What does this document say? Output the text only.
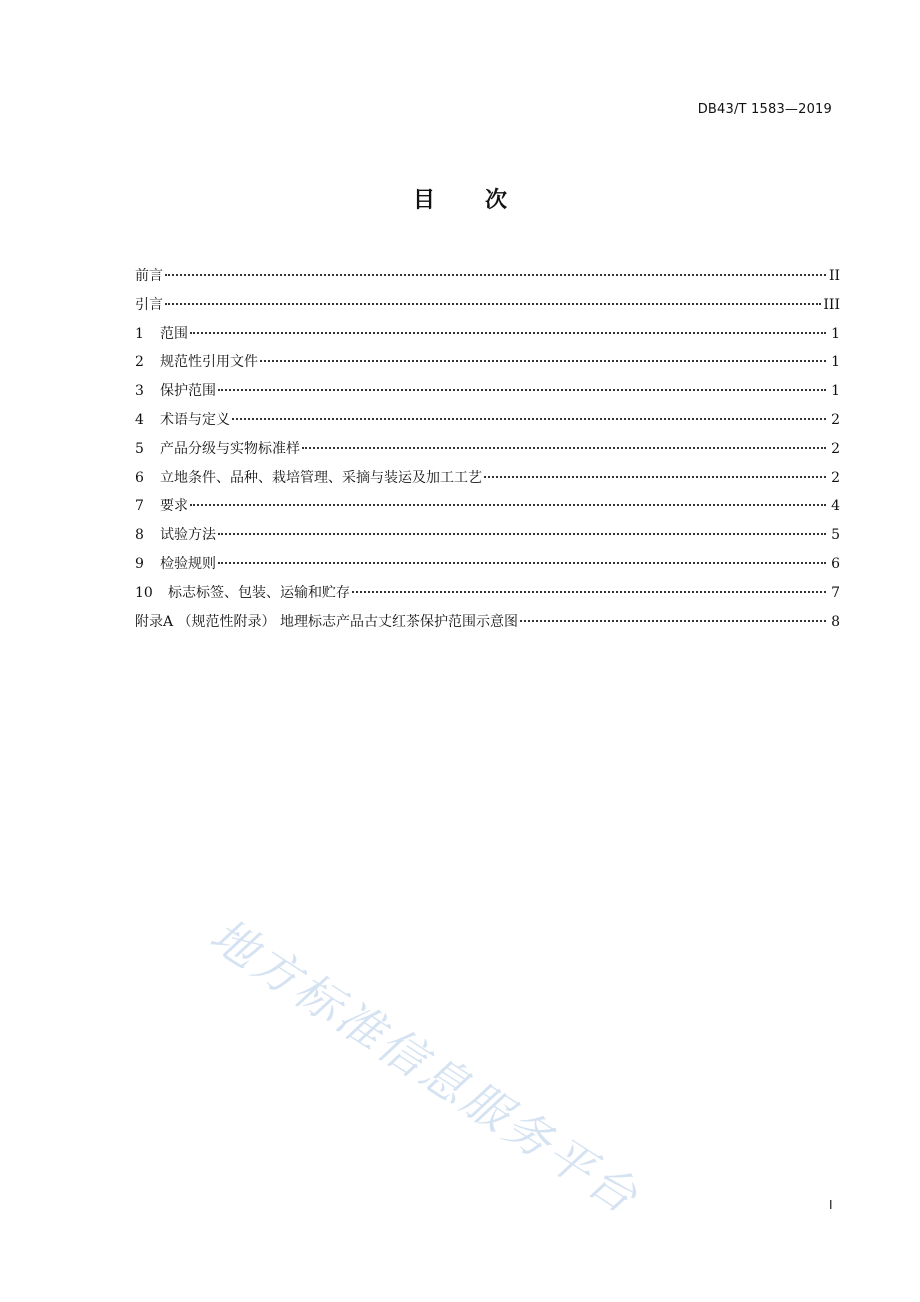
DB43/T 1583—2019
目 次
前言	II
引言	III
1	范围	1
2	规范性引用文件	1
3	保护范围	1
4	术语与定义	2
5	产品分级与实物标准样	2
6	立地条件、品种、栽培管理、采摘与装运及加工工艺	2
7	要求	4
8	试验方法	5
9	检验规则	6
10	标志标签、包装、运输和贮存	7
附录A （规范性附录） 地理标志产品古丈红茶保护范围示意图	8
地方标准信息服务平台	I
